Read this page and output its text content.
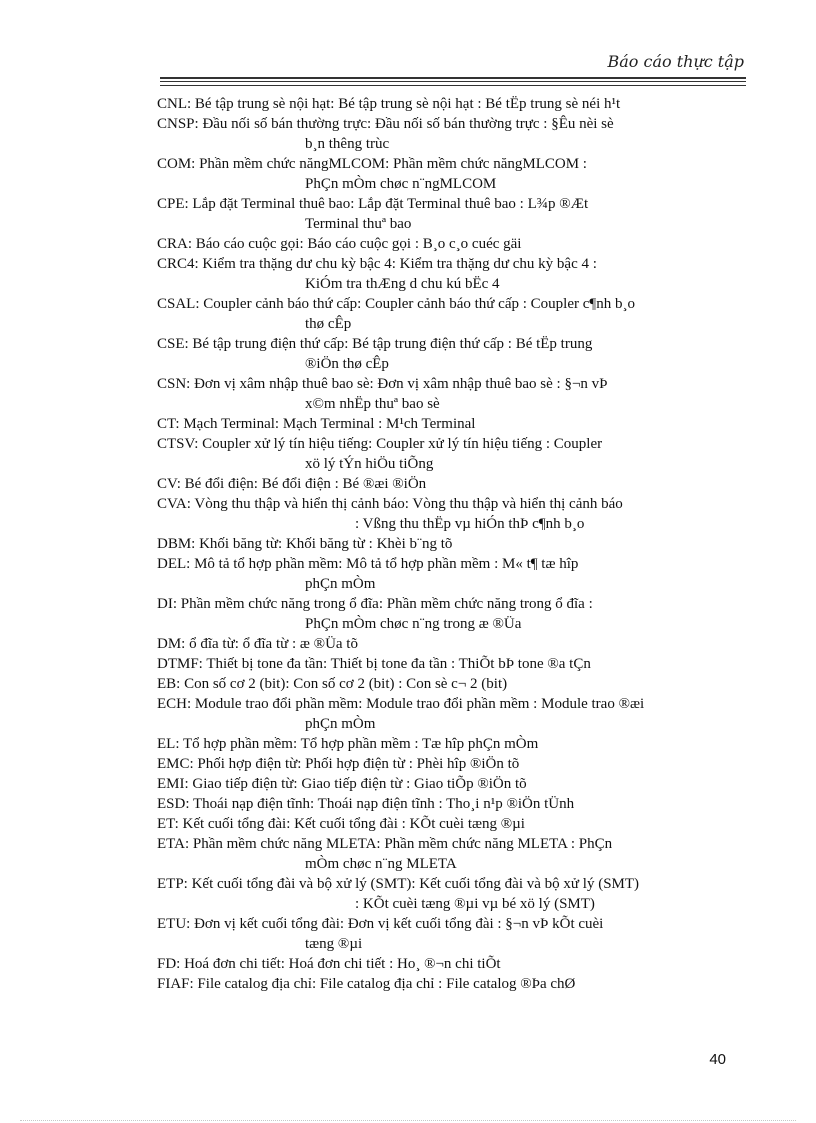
Báo cáo thực tập
CNL: Bé tập trung sè nội hạt: Bé tập trung sè nội hạt : Bé tËp trung sè néi h¹t
CNSP: Đầu nối số bán thường trực: Đầu nối số bán thường trực : §Êu nèi sè
b¸n thêng trùc
COM: Phần mềm chức năngMLCOM: Phần mềm chức năngMLCOM :
PhÇn mÒm chøc n¨ngMLCOM
CPE: Lắp đặt Terminal thuê bao: Lắp đặt Terminal thuê bao : L¾p ®Æt
Terminal thuª bao
CRA: Báo cáo cuộc gọi: Báo cáo cuộc gọi : B¸o c¸o cuéc gäi
CRC4: Kiểm tra thặng dư chu kỳ bậc 4: Kiểm tra thặng dư chu kỳ bậc 4 :
KiÓm tra thÆng d chu kú bËc 4
CSAL: Coupler cảnh báo thứ cấp: Coupler cảnh báo thứ cấp : Coupler c¶nh b¸o
thø cÊp
CSE: Bé tập trung điện thứ cấp: Bé tập trung điện thứ cấp : Bé tËp trung
®iÖn thø cÊp
CSN: Đơn vị xâm nhập thuê bao sè: Đơn vị xâm nhập thuê bao sè : §¬n vÞ
x©m nhËp thuª bao sè
CT: Mạch Terminal: Mạch Terminal : M¹ch Terminal
CTSV: Coupler xử lý tín hiệu tiếng: Coupler xử lý tín hiệu tiếng : Coupler
xö lý tÝn hiÖu tiÕng
CV: Bé đổi điện: Bé đổi điện : Bé ®æi ®iÖn
CVA: Vòng thu thập và hiển thị cảnh báo: Vòng thu thập và hiển thị cảnh báo
: Vßng thu thËp vµ hiÓn thÞ c¶nh b¸o
DBM: Khối băng từ: Khối băng từ : Khèi b¨ng tõ
DEL: Mô tả tổ hợp phần mềm: Mô tả tổ hợp phần mềm : M« t¶ tæ hîp
phÇn mÒm
DI: Phần mềm chức năng trong ổ đĩa: Phần mềm chức năng trong ổ đĩa :
PhÇn mÒm chøc n¨ng trong æ ®Üa
DM: ổ đĩa từ: ổ đĩa từ : æ ®Üa tõ
DTMF: Thiết bị tone đa tần: Thiết bị tone đa tần : ThiÕt bÞ tone ®a tÇn
EB: Con số cơ 2 (bit): Con số cơ 2 (bit) : Con sè c¬ 2 (bit)
ECH: Module trao đổi phần mềm: Module trao đổi phần mềm : Module trao ®æi
phÇn mÒm
EL: Tổ hợp phần mềm: Tổ hợp phần mềm : Tæ hîp phÇn mÒm
EMC: Phối hợp điện từ: Phối hợp điện từ : Phèi hîp ®iÖn tõ
EMI: Giao tiếp điện từ: Giao tiếp điện từ : Giao tiÕp ®iÖn tõ
ESD: Thoái nạp điện tĩnh: Thoái nạp điện tĩnh : Tho¸i n¹p ®iÖn tÜnh
ET: Kết cuối tổng đài: Kết cuối tổng đài : KÕt cuèi tæng ®µi
ETA: Phần mềm chức năng MLETA: Phần mềm chức năng MLETA : PhÇn
mÒm chøc n¨ng MLETA
ETP: Kết cuối tổng đài và bộ xử lý (SMT): Kết cuối tổng đài và bộ xử lý (SMT)
: KÕt cuèi tæng ®µi vµ bé xö lý (SMT)
ETU: Đơn vị kết cuối tổng đài: Đơn vị kết cuối tổng đài : §¬n vÞ kÕt cuèi
tæng ®µi
FD: Hoá đơn chi tiết: Hoá đơn chi tiết : Ho¸ ®¬n chi tiÕt
FIAF: File catalog địa chỉ: File catalog địa chỉ : File catalog ®Þa chØ
40
